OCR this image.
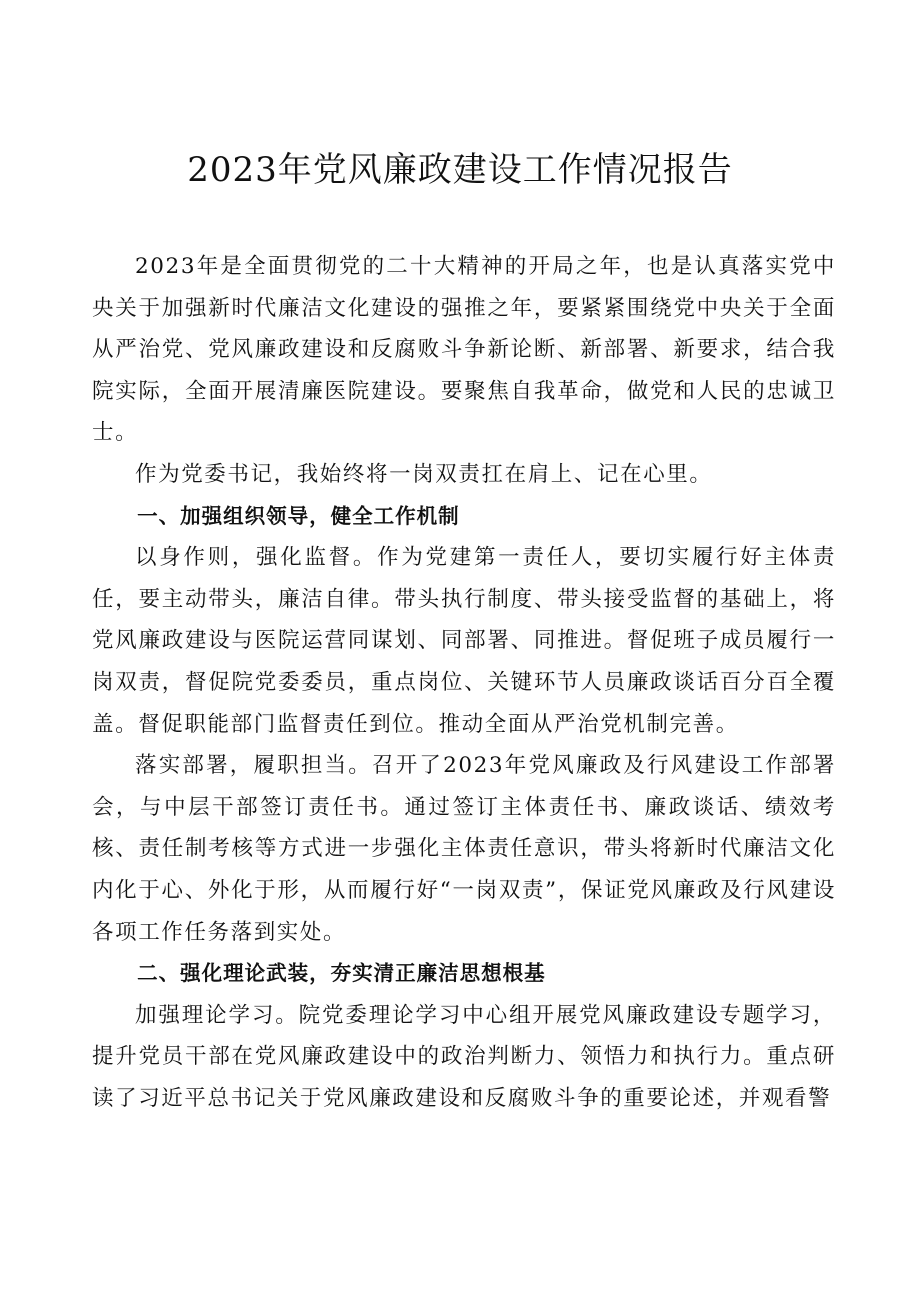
2023年党风廉政建设工作情况报告

2023年是全面贯彻党的二十大精神的开局之年，也是认真落实党中央关于加强新时代廉洁文化建设的强推之年，要紧紧围绕党中央关于全面从严治党、党风廉政建设和反腐败斗争新论断、新部署、新要求，结合我院实际，全面开展清廉医院建设。要聚焦自我革命，做党和人民的忠诚卫士。

作为党委书记，我始终将一岗双责扛在肩上、记在心里。

一、加强组织领导，健全工作机制

以身作则，强化监督。作为党建第一责任人，要切实履行好主体责任，要主动带头，廉洁自律。带头执行制度、带头接受监督的基础上，将党风廉政建设与医院运营同谋划、同部署、同推进。督促班子成员履行一岗双责，督促院党委委员，重点岗位、关键环节人员廉政谈话百分百全覆盖。督促职能部门监督责任到位。推动全面从严治党机制完善。

落实部署，履职担当。召开了2023年党风廉政及行风建设工作部署会，与中层干部签订责任书。通过签订主体责任书、廉政谈话、绩效考核、责任制考核等方式进一步强化主体责任意识，带头将新时代廉洁文化内化于心、外化于形，从而履行好“一岗双责”，保证党风廉政及行风建设各项工作任务落到实处。

二、强化理论武装，夯实清正廉洁思想根基

加强理论学习。院党委理论学习中心组开展党风廉政建设专题学习，提升党员干部在党风廉政建设中的政治判断力、领悟力和执行力。重点研读了习近平总书记关于党风廉政建设和反腐败斗争的重要论述，并观看警
